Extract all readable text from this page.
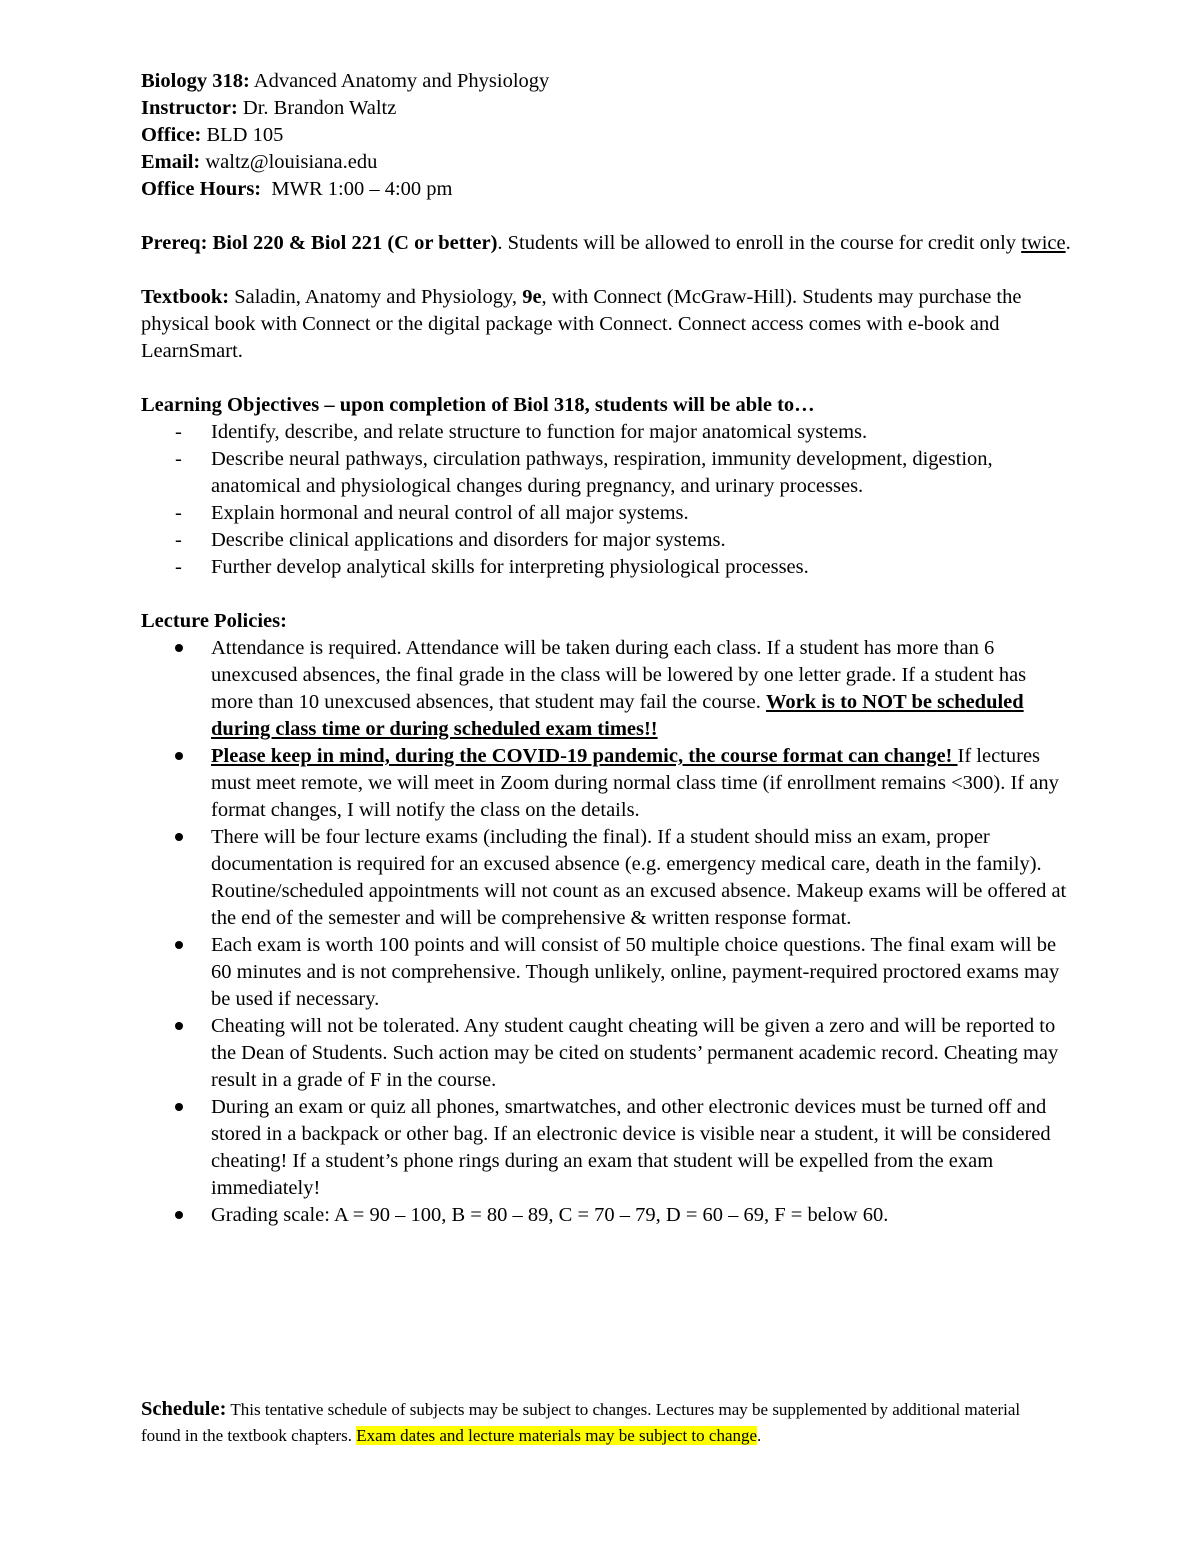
Biology 318: Advanced Anatomy and Physiology
Instructor: Dr. Brandon Waltz
Office: BLD 105
Email: waltz@louisiana.edu
Office Hours:  MWR 1:00 – 4:00 pm
Prereq: Biol 220 & Biol 221 (C or better). Students will be allowed to enroll in the course for credit only twice.
Textbook: Saladin, Anatomy and Physiology, 9e, with Connect (McGraw-Hill). Students may purchase the physical book with Connect or the digital package with Connect. Connect access comes with e-book and LearnSmart.
Learning Objectives – upon completion of Biol 318, students will be able to…
- Identify, describe, and relate structure to function for major anatomical systems.
- Describe neural pathways, circulation pathways, respiration, immunity development, digestion, anatomical and physiological changes during pregnancy, and urinary processes.
- Explain hormonal and neural control of all major systems.
- Describe clinical applications and disorders for major systems.
- Further develop analytical skills for interpreting physiological processes.
Lecture Policies:
Attendance is required. Attendance will be taken during each class. If a student has more than 6 unexcused absences, the final grade in the class will be lowered by one letter grade. If a student has more than 10 unexcused absences, that student may fail the course. Work is to NOT be scheduled during class time or during scheduled exam times!!
Please keep in mind, during the COVID-19 pandemic, the course format can change! If lectures must meet remote, we will meet in Zoom during normal class time (if enrollment remains <300). If any format changes, I will notify the class on the details.
There will be four lecture exams (including the final). If a student should miss an exam, proper documentation is required for an excused absence (e.g. emergency medical care, death in the family). Routine/scheduled appointments will not count as an excused absence. Makeup exams will be offered at the end of the semester and will be comprehensive & written response format.
Each exam is worth 100 points and will consist of 50 multiple choice questions. The final exam will be 60 minutes and is not comprehensive. Though unlikely, online, payment-required proctored exams may be used if necessary.
Cheating will not be tolerated. Any student caught cheating will be given a zero and will be reported to the Dean of Students. Such action may be cited on students’ permanent academic record. Cheating may result in a grade of F in the course.
During an exam or quiz all phones, smartwatches, and other electronic devices must be turned off and stored in a backpack or other bag. If an electronic device is visible near a student, it will be considered cheating! If a student’s phone rings during an exam that student will be expelled from the exam immediately!
Grading scale: A = 90 – 100, B = 80 – 89, C = 70 – 79, D = 60 – 69, F = below 60.
Schedule: This tentative schedule of subjects may be subject to changes. Lectures may be supplemented by additional material found in the textbook chapters. Exam dates and lecture materials may be subject to change.
